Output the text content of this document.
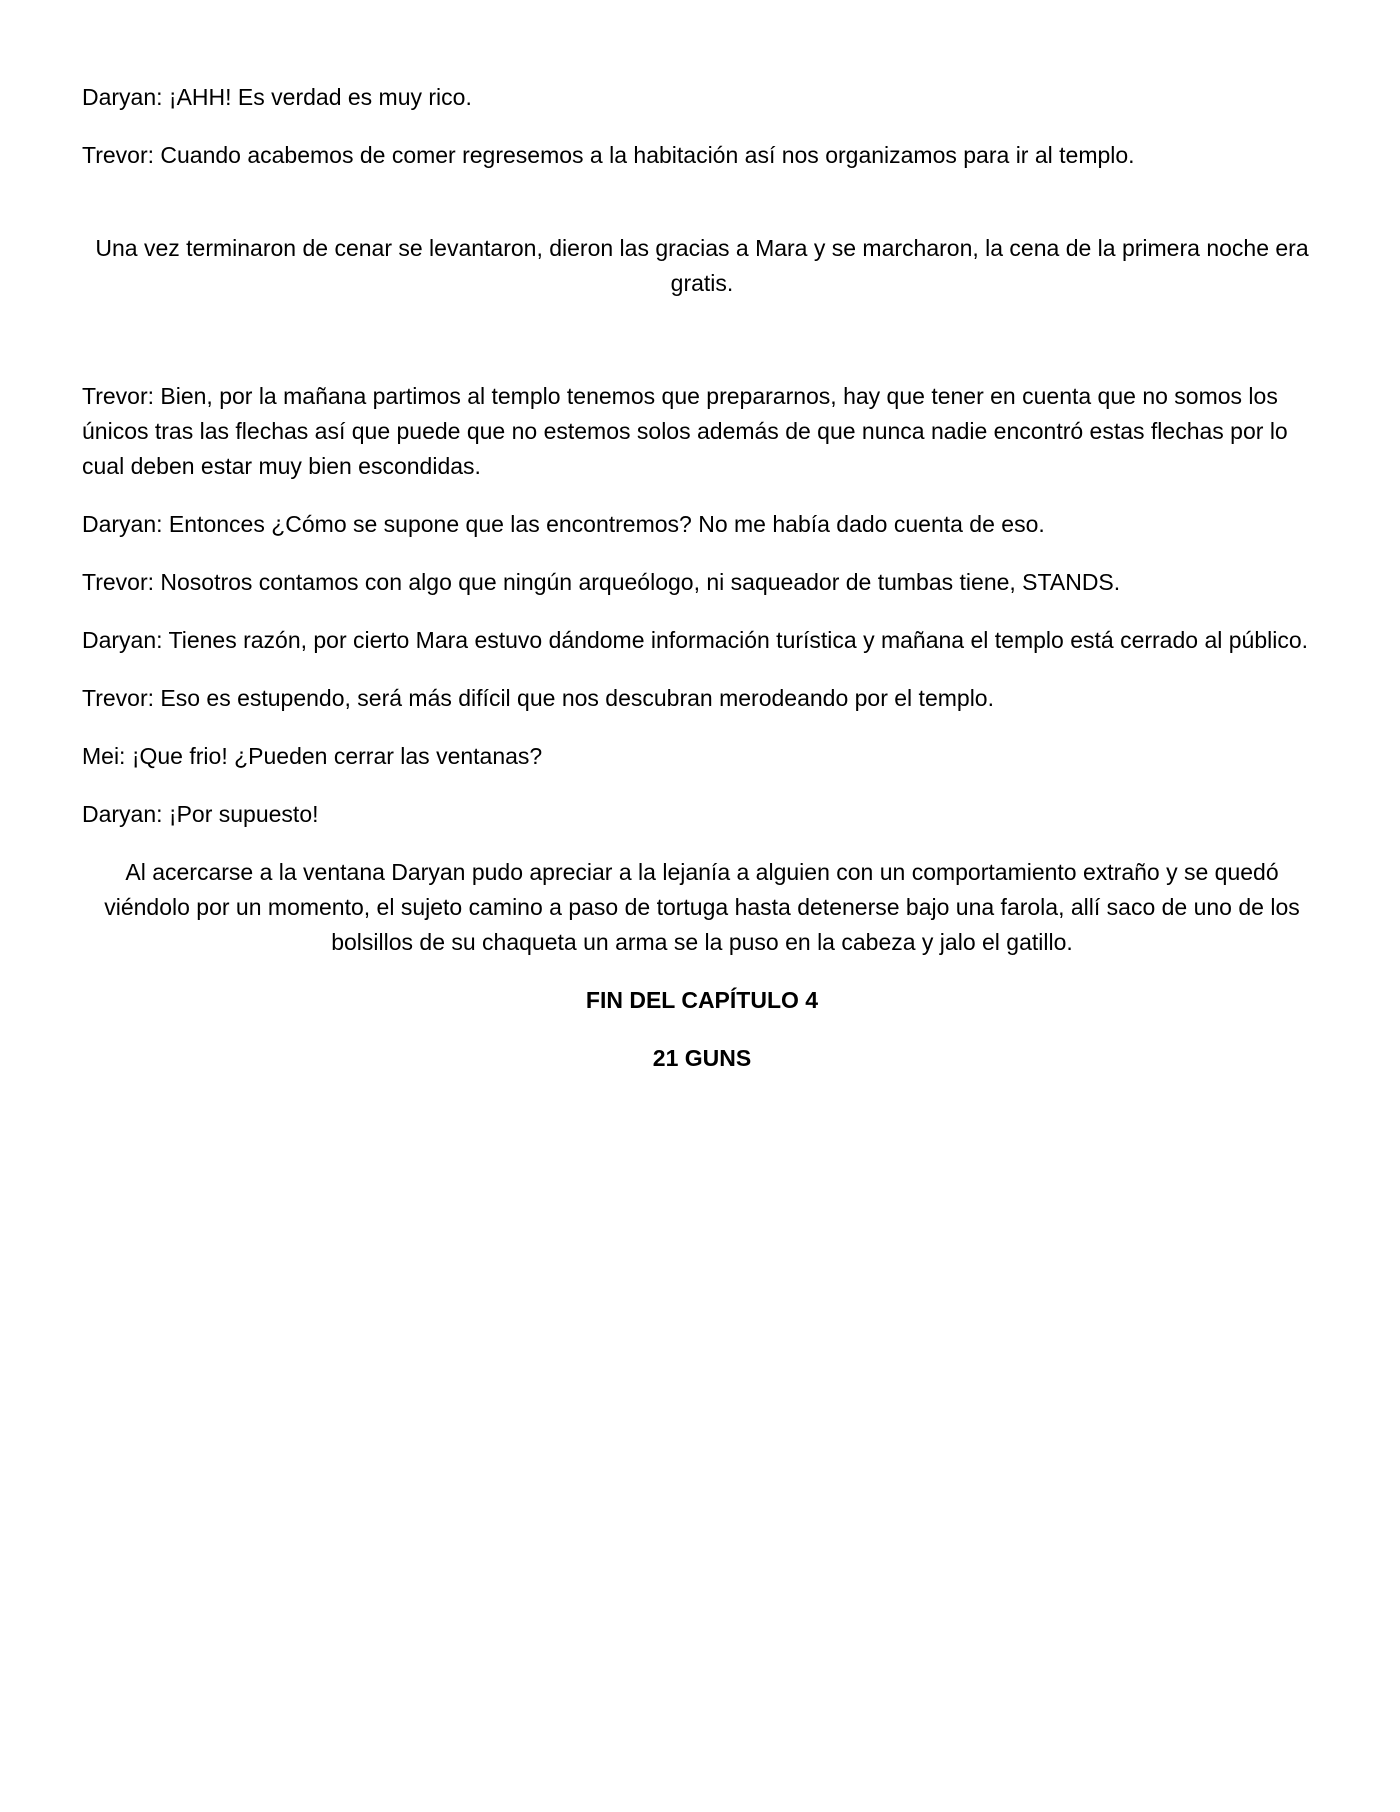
Daryan: ¡AHH! Es verdad es muy rico.

Trevor: Cuando acabemos de comer regresemos a la habitación así nos organizamos para ir al templo.

Una vez terminaron de cenar se levantaron, dieron las gracias a Mara y se marcharon, la cena de la primera noche era gratis.

Trevor: Bien, por la mañana partimos al templo tenemos que prepararnos, hay que tener en cuenta que no somos los únicos tras las flechas así que puede que no estemos solos además de que nunca nadie encontró estas flechas por lo cual deben estar muy bien escondidas.

Daryan: Entonces ¿Cómo se supone que las encontremos? No me había dado cuenta de eso.

Trevor: Nosotros contamos con algo que ningún arqueólogo, ni saqueador de tumbas tiene, STANDS.

Daryan: Tienes razón, por cierto Mara estuvo dándome información turística y mañana el templo está cerrado al público.

Trevor: Eso es estupendo, será más difícil que nos descubran merodeando por el templo.

Mei: ¡Que frio! ¿Pueden cerrar las ventanas?

Daryan: ¡Por supuesto!

Al acercarse a la ventana Daryan pudo apreciar a la lejanía a alguien con un comportamiento extraño y se quedó viéndolo por un momento, el sujeto camino a paso de tortuga hasta detenerse bajo una farola, allí saco de uno de los bolsillos de su chaqueta un arma se la puso en la cabeza y jalo el gatillo.

FIN DEL CAPÍTULO 4

21 GUNS
